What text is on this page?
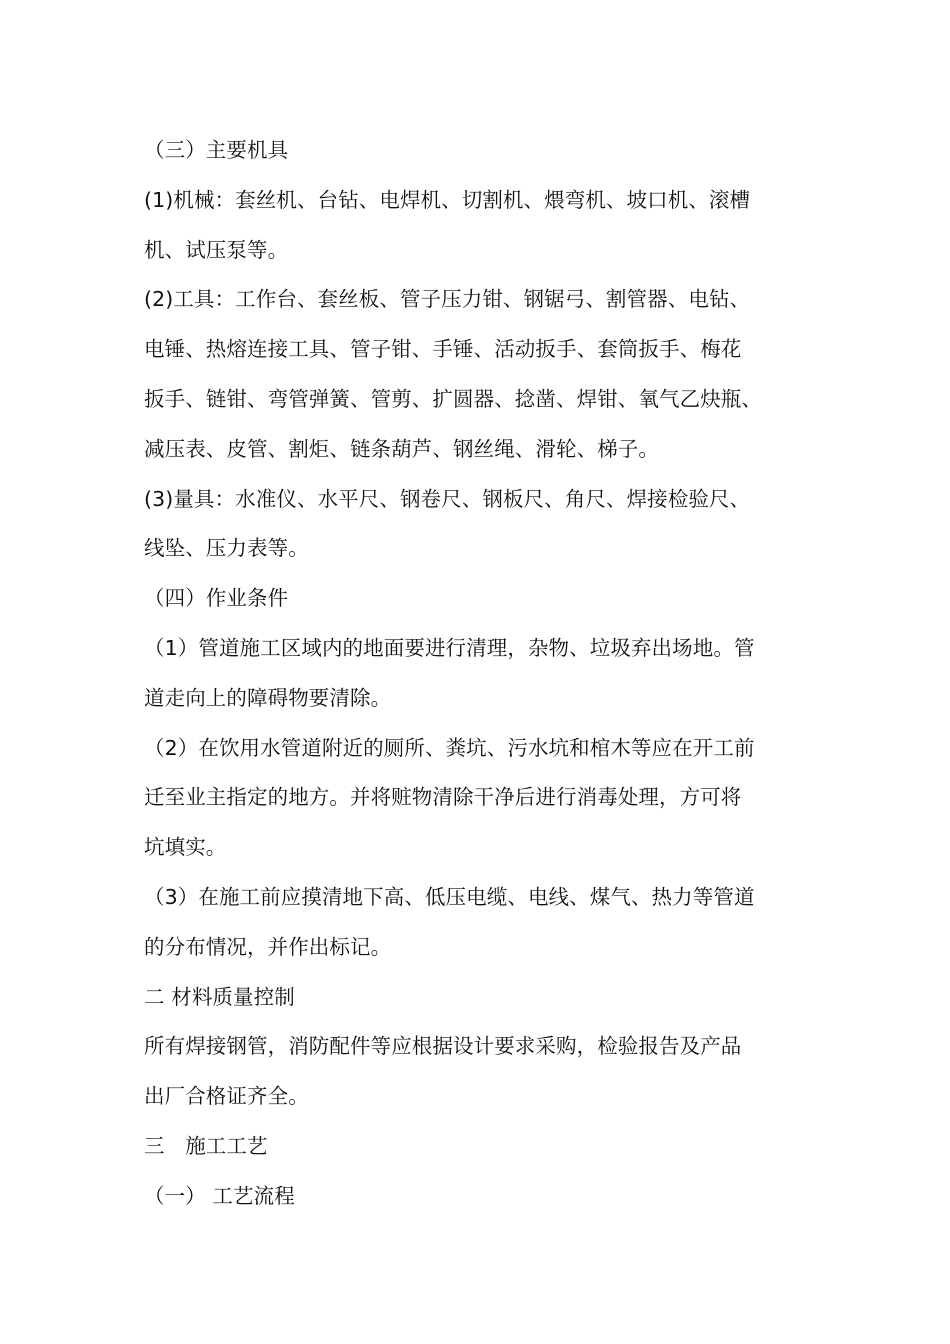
（三）主要机具
(1)机械：套丝机、台钻、电焊机、切割机、煨弯机、坡口机、滚槽
机、试压泵等。
(2)工具：工作台、套丝板、管子压力钳、钢锯弓、割管器、电钻、
电锤、热熔连接工具、管子钳、手锤、活动扳手、套筒扳手、梅花
扳手、链钳、弯管弹簧、管剪、扩圆器、捻凿、焊钳、氧气乙炔瓶、
减压表、皮管、割炬、链条葫芦、钢丝绳、滑轮、梯子。
(3)量具：水准仪、水平尺、钢卷尺、钢板尺、角尺、焊接检验尺、
线坠、压力表等。
（四）作业条件
（1）管道施工区域内的地面要进行清理，杂物、垃圾弃出场地。管
道走向上的障碍物要清除。
（2）在饮用水管道附近的厕所、粪坑、污水坑和棺木等应在开工前
迁至业主指定的地方。并将赃物清除干净后进行消毒处理，方可将
坑填实。
（3）在施工前应摸清地下高、低压电缆、电线、煤气、热力等管道
的分布情况，并作出标记。
二 材料质量控制
所有焊接钢管，消防配件等应根据设计要求采购，检验报告及产品
出厂合格证齐全。
三　施工工艺
（一） 工艺流程
